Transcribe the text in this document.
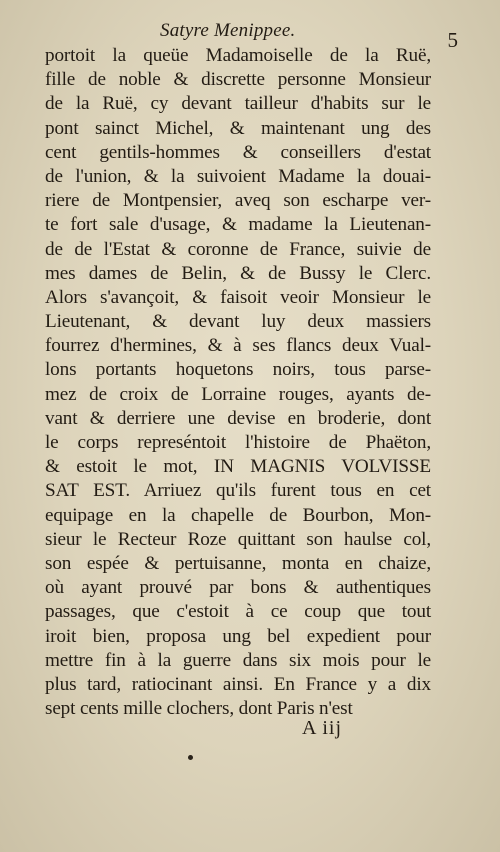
Satyre Menippee.	5
portoit la queüe Madamoiselle de la Ruë,
fille de noble & discrette personne Monsieur
de la Ruë, cy devant tailleur d'habits sur le
pont sainct Michel, & maintenant ung des
cent gentils-hommes & conseillers d'estat
de l'union, & la suivoient Madame la douai-
riere de Montpensier, aveq son escharpe ver-
te fort sale d'usage, & madame la Lieutenan-
de de l'Estat & coronne de France, suivie de
mes dames de Belin, & de Bussy le Clerc.
Alors s'avançoit, & faisoit veoir Monsieur le
Lieutenant, & devant luy deux massiers
fourrez d'hermines, & à ses flancs deux Vual-
lons portants hoquetons noirs, tous parse-
mez de croix de Lorraine rouges, ayants de-
vant & derriere une devise en broderie, dont
le corps represéntoit l'histoire de Phaëton,
& estoit le mot, IN MAGNIS VOLVISSE
SAT EST. Arriuez qu'ils furent tous en cet
equipage en la chapelle de Bourbon, Mon-
sieur le Recteur Roze quittant son haulse col,
son espée & pertuisanne, monta en chaize,
où ayant prouvé par bons & authentiques
passages, que c'estoit à ce coup que tout
iroit bien, proposa ung bel expedient pour
mettre fin à la guerre dans six mois pour le
plus tard, ratiocinant ainsi. En France y a dix
sept cents mille clochers, dont Paris n'est
A iij
